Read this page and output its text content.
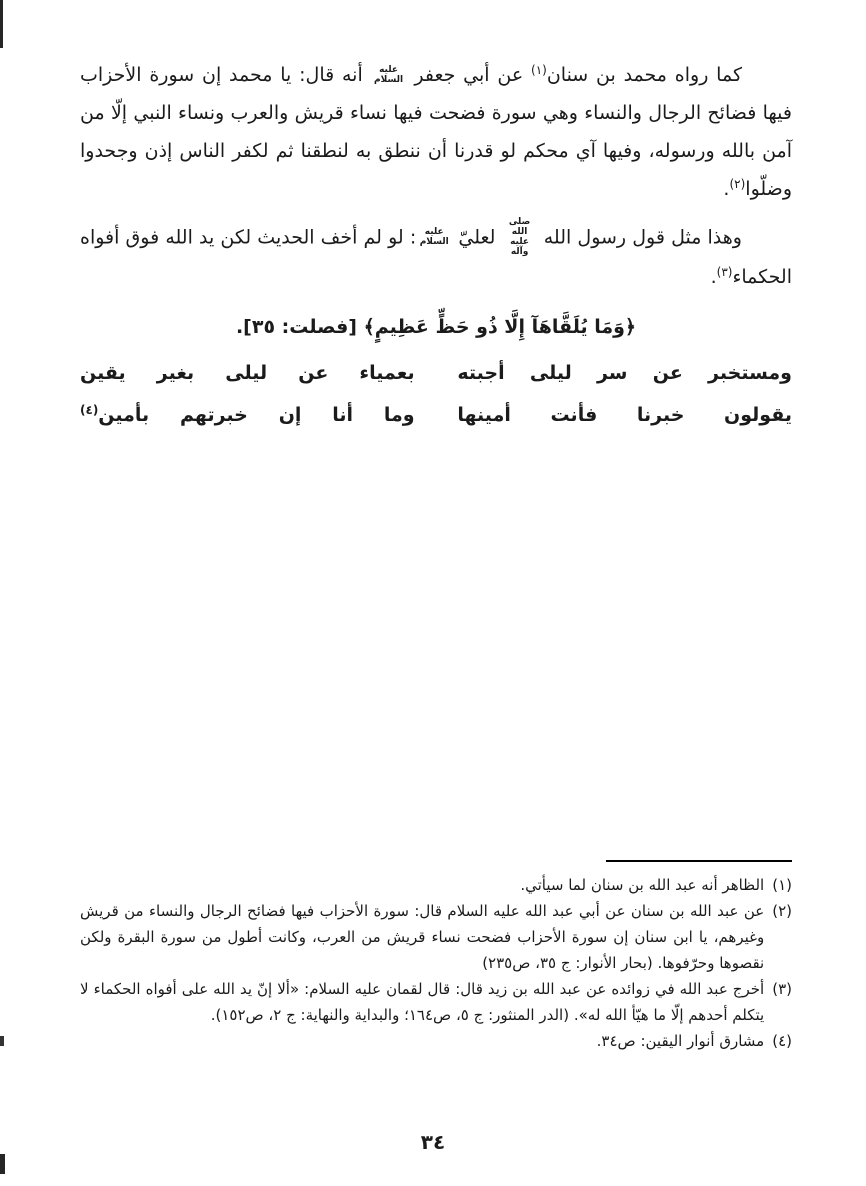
كما رواه محمد بن سنان$^{(١)}$ عن أبي جعفر عليه السلام أنه قال: يا محمد إن سورة الأحزاب فيها فضائح الرجال والنساء وهي سورة فضحت فيها نساء قريش والعرب ونساء النبي إلّا من آمن بالله ورسوله، وفيها آي محكم لو قدرنا أن ننطق به لنطقنا ثم لكفر الناس إذن وجحدوا وضلّوا$^{(٢)}$.

وهذا مثل قول رسول الله صلى الله عليه وآله لعليّ عليه السلام: لو لم أخف الحديث لكن يد الله فوق أفواه الحكماء$^{(٣)}$.

﴿وَمَا يُلَقَّاهَآ إِلَّا ذُو حَظٍّ عَظِيمٍ﴾ [فصلت: ٣٥].

ومستخبر عن سر ليلى أجبته
بعمياء عن ليلى بغير يقين
يقولون خبرنا فأنت أمينها
وما أنا إن خبرتهم بأمين$^{(٤)}$
(١)
الظاهر أنه عبد الله بن سنان لما سيأتي.
(٢)
عن عبد الله بن سنان عن أبي عبد الله عليه السلام قال: سورة الأحزاب فيها فضائح الرجال والنساء من قريش وغيرهم، يا ابن سنان إن سورة الأحزاب فضحت نساء قريش من العرب، وكانت أطول من سورة البقرة ولكن نقصوها وحرّفوها. (بحار الأنوار: ج ٣٥، ص٢٣٥)
(٣)
أخرج عبد الله في زوائده عن عبد الله بن زيد قال: قال لقمان عليه السلام: «ألا إنّ يد الله على أفواه الحكماء لا يتكلم أحدهم إلّا ما هيّأ الله له». (الدر المنثور: ج ٥، ص١٦٤؛ والبداية والنهاية: ج ٢، ص١٥٢).
(٤)
مشارق أنوار اليقين: ص٣٤.
٣٤
